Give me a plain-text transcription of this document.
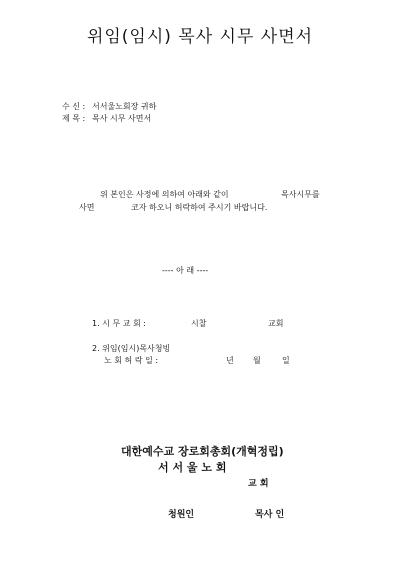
위임(임시) 목사 시무 사면서
수 신 : 서서울노회장 귀하
제 목 : 목사 시무 사면서
위 본인은 사정에 의하여 아래와 같이	목사시무를
사면	코자 하오니 허락하여 주시기 바랍니다.
---- 아 래 ----
1. 시 무 교 회 :	시찰	교회
2. 위임(임시)목사청빙
노 회 허 락 일 :	년 월	일
대한예수교 장로회총회(개혁정립)
서 서 울 노 회
교 회
청원인	목사 인
